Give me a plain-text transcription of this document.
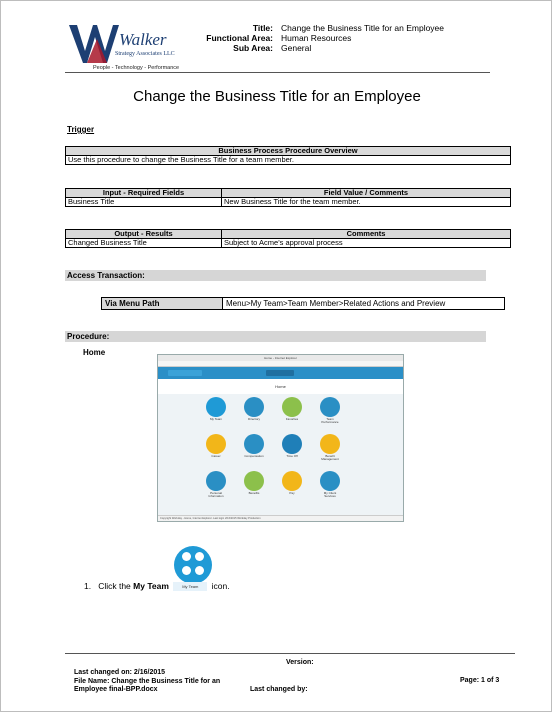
Walker
Strategy Associates LLC
People - Technology - Performance
Title: Change the Business Title for an Employee
Functional Area: Human Resources
Sub Area: General
Change the Business Title for an Employee
Trigger
Business Process Procedure Overview
Use this procedure to change the Business Title for a team member.
Input - Required Fields	Field Value / Comments
Business Title	New Business Title for the team member.
Output - Results	Comments
Changed Business Title	Subject to Acme's approval process
Access Transaction:
Via Menu Path	Menu>My Team>Team Member>Related Actions and Preview
Procedure:
Home
Home - Internet Explorer
Home
My Team	Directory	Favorites	Team Performance
Career	Compensation	Time Off	Benefit Management
Personal Information
Benefits	Pay	My Client Services
Copyright Workday - Home, Internet Explorer. Last login 2/16/2015 Workday Production
1. Click the My Team	My Team icon.
Last changed on: 2/16/2015
File Name: Change the Business Title for an
Employee final-BPP.docx
Version:
Last changed by:
Page: 1 of 3
